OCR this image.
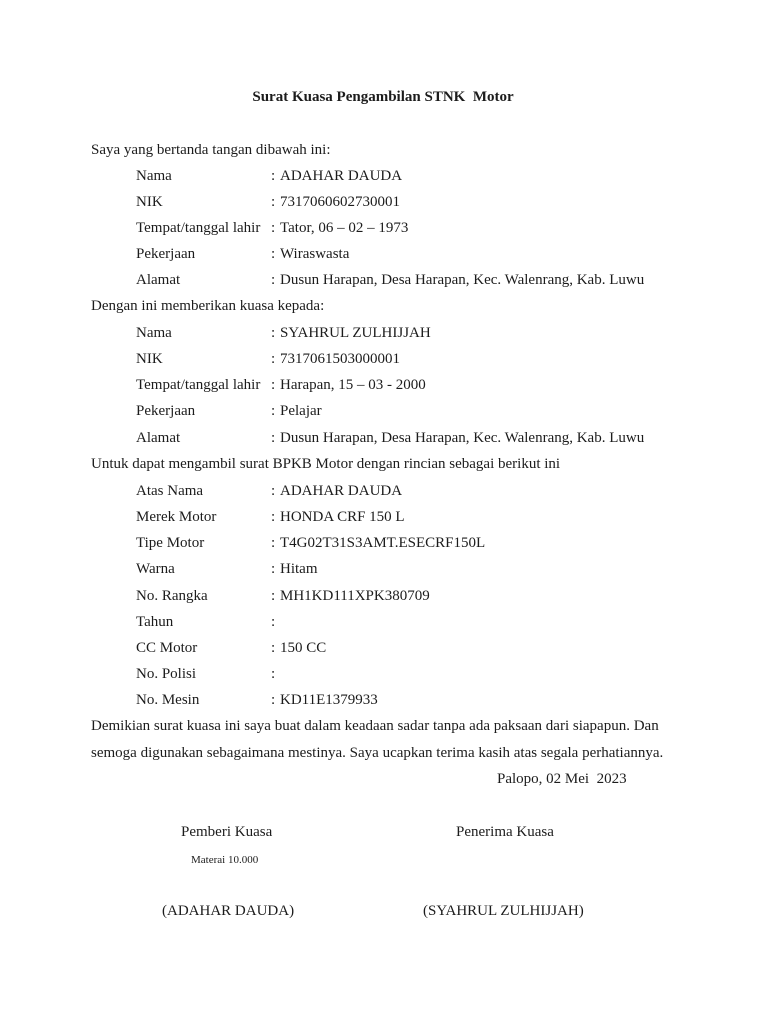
Surat Kuasa Pengambilan STNK  Motor
Saya yang bertanda tangan dibawah ini:
Nama	: ADAHAR DAUDA
NIK	: 7317060602730001
Tempat/tanggal lahir : Tator, 06 – 02 – 1973
Pekerjaan	: Wiraswasta
Alamat	: Dusun Harapan, Desa Harapan, Kec. Walenrang, Kab. Luwu
Dengan ini memberikan kuasa kepada:
Nama	: SYAHRUL ZULHIJJAH
NIK	: 7317061503000001
Tempat/tanggal lahir : Harapan, 15 – 03 - 2000
Pekerjaan	: Pelajar
Alamat	: Dusun Harapan, Desa Harapan, Kec. Walenrang, Kab. Luwu
Untuk dapat mengambil surat BPKB Motor dengan rincian sebagai berikut ini
Atas Nama	: ADAHAR DAUDA
Merek Motor	: HONDA CRF 150 L
Tipe Motor	: T4G02T31S3AMT.ESECRF150L
Warna	: Hitam
No. Rangka	: MH1KD111XPK380709
Tahun	:
CC Motor	: 150 CC
No. Polisi	:
No. Mesin	: KD11E1379933
Demikian surat kuasa ini saya buat dalam keadaan sadar tanpa ada paksaan dari siapapun. Dan
semoga digunakan sebagaimana mestinya. Saya ucapkan terima kasih atas segala perhatiannya.
Palopo, 02 Mei  2023
Pemberi Kuasa	Penerima Kuasa
Materai 10.000
(ADAHAR DAUDA)	(SYAHRUL ZULHIJJAH)
